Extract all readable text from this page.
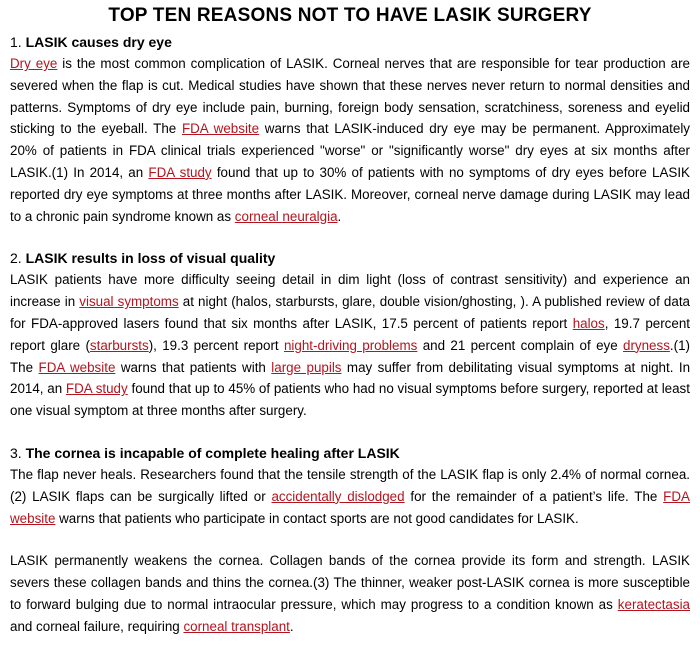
TOP TEN REASONS NOT TO HAVE LASIK SURGERY
1. LASIK causes dry eye

Dry eye is the most common complication of LASIK. Corneal nerves that are responsible for tear production are severed when the flap is cut. Medical studies have shown that these nerves never return to normal densities and patterns. Symptoms of dry eye include pain, burning, foreign body sensation, scratchiness, soreness and eyelid sticking to the eyeball. The FDA website warns that LASIK-induced dry eye may be permanent. Approximately 20% of patients in FDA clinical trials experienced "worse" or "significantly worse" dry eyes at six months after LASIK.(1) In 2014, an FDA study found that up to 30% of patients with no symptoms of dry eyes before LASIK reported dry eye symptoms at three months after LASIK. Moreover, corneal nerve damage during LASIK may lead to a chronic pain syndrome known as corneal neuralgia.

2. LASIK results in loss of visual quality

LASIK patients have more difficulty seeing detail in dim light (loss of contrast sensitivity) and experience an increase in visual symptoms at night (halos, starbursts, glare, double vision/ghosting, ). A published review of data for FDA-approved lasers found that six months after LASIK, 17.5 percent of patients report halos, 19.7 percent report glare (starbursts), 19.3 percent report night-driving problems and 21 percent complain of eye dryness.(1) The FDA website warns that patients with large pupils may suffer from debilitating visual symptoms at night. In 2014, an FDA study found that up to 45% of patients who had no visual symptoms before surgery, reported at least one visual symptom at three months after surgery.

3. The cornea is incapable of complete healing after LASIK

The flap never heals. Researchers found that the tensile strength of the LASIK flap is only 2.4% of normal cornea.(2) LASIK flaps can be surgically lifted or accidentally dislodged for the remainder of a patient’s life. The FDA website warns that patients who participate in contact sports are not good candidates for LASIK.

LASIK permanently weakens the cornea. Collagen bands of the cornea provide its form and strength. LASIK severs these collagen bands and thins the cornea.(3) The thinner, weaker post-LASIK cornea is more susceptible to forward bulging due to normal intraocular pressure, which may progress to a condition known as keratectasia and corneal failure, requiring corneal transplant.
